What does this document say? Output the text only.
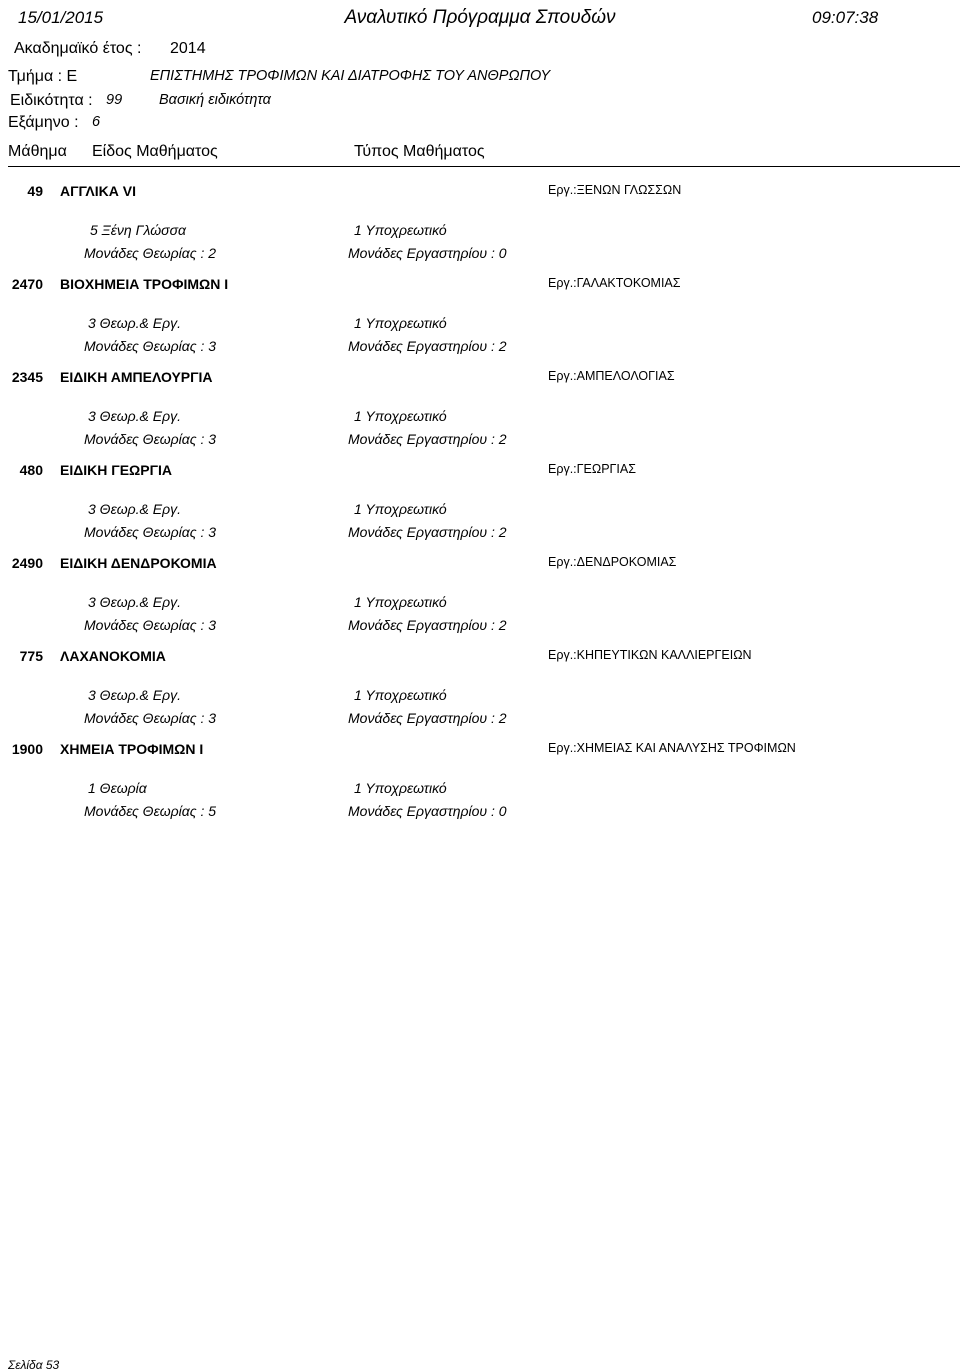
15/01/2015	Αναλυτικό Πρόγραμμα Σπουδών	09:07:38
Ακαδημαϊκό έτος : 2014
Τμήμα : Ε	ΕΠΙΣΤΗΜΗΣ ΤΡΟΦΙΜΩΝ ΚΑΙ ΔΙΑΤΡΟΦΗΣ ΤΟΥ ΑΝΘΡΩΠΟΥ
Ειδικότητα : 99	Βασική ειδικότητα
Εξάμηνο : 6
Μάθημα Είδος Μαθήματος	Τύπος Μαθήματος
49 ΑΓΓΛΙΚΑ VI	Εργ.:ΞΕΝΩΝ ΓΛΩΣΣΩΝ
5 Ξένη Γλώσσα	1 Υποχρεωτικό
Μονάδες Θεωρίας : 2	Μονάδες Εργαστηρίου : 0
2470 ΒΙΟΧΗΜΕΙΑ ΤΡΟΦΙΜΩΝ Ι	Εργ.:ΓΑΛΑΚΤΟΚΟΜΙΑΣ
3 Θεωρ.& Εργ.	1 Υποχρεωτικό
Μονάδες Θεωρίας : 3	Μονάδες Εργαστηρίου : 2
2345 ΕΙΔΙΚΗ ΑΜΠΕΛΟΥΡΓΙΑ	Εργ.:ΑΜΠΕΛΟΛΟΓΙΑΣ
3 Θεωρ.& Εργ.	1 Υποχρεωτικό
Μονάδες Θεωρίας : 3	Μονάδες Εργαστηρίου : 2
480 ΕΙΔΙΚΗ ΓΕΩΡΓΙΑ	Εργ.:ΓΕΩΡΓΙΑΣ
3 Θεωρ.& Εργ.	1 Υποχρεωτικό
Μονάδες Θεωρίας : 3	Μονάδες Εργαστηρίου : 2
2490 ΕΙΔΙΚΗ ΔΕΝΔΡΟΚΟΜΙΑ	Εργ.:ΔΕΝΔΡΟΚΟΜΙΑΣ
3 Θεωρ.& Εργ.	1 Υποχρεωτικό
Μονάδες Θεωρίας : 3	Μονάδες Εργαστηρίου : 2
775 ΛΑΧΑΝΟΚΟΜΙΑ	Εργ.:ΚΗΠΕΥΤΙΚΩΝ ΚΑΛΛΙΕΡΓΕΙΩΝ
3 Θεωρ.& Εργ.	1 Υποχρεωτικό
Μονάδες Θεωρίας : 3	Μονάδες Εργαστηρίου : 2
1900 ΧΗΜΕΙΑ ΤΡΟΦΙΜΩΝ Ι	Εργ.:ΧΗΜΕΙΑΣ ΚΑΙ ΑΝΑΛΥΣΗΣ ΤΡΟΦΙΜΩΝ
1 Θεωρία	1 Υποχρεωτικό
Μονάδες Θεωρίας : 5	Μονάδες Εργαστηρίου : 0
Σελίδα 53
